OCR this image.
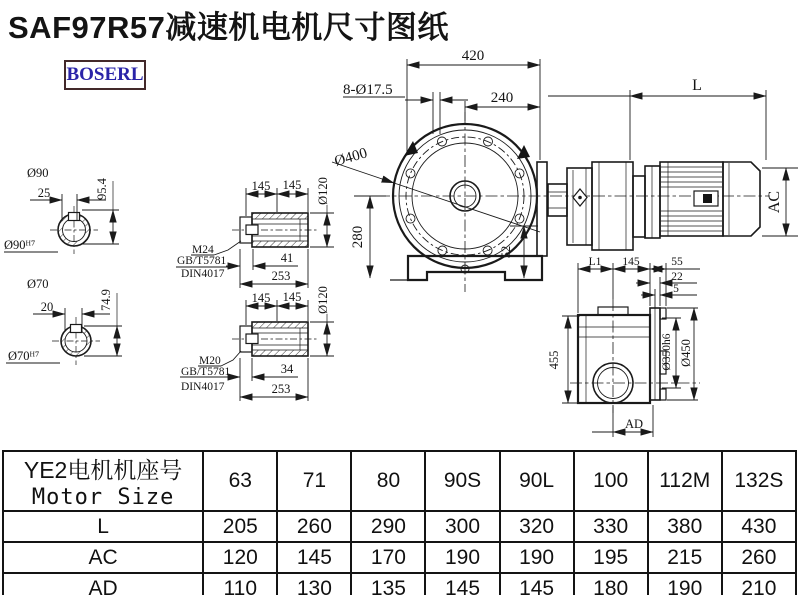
SAF97R57减速机电机尺寸图纸
BOSERL
420
240
8-Ø17.5
Ø400
280
52
L
AC
L1 145	55
22
5
455	Ø350h6 Ø450
AD
Ø90
25	95.4
Ø90ᴴ⁷
Ø70
20	74.9
Ø70ᴴ⁷
145 145 Ø120
M24
GB/T5781
DIN4017
41
253
145 145 Ø120
M20
GB/T5781
DIN4017
34
253
YE2电机机座号
Motor Size	63	71	80	90S	90L	100	112M	132S
L	205	260	290	300	320	330	380	430
AC	120	145	170	190	190	195	215	260
AD	110	130	135	145	145	180	190	210
